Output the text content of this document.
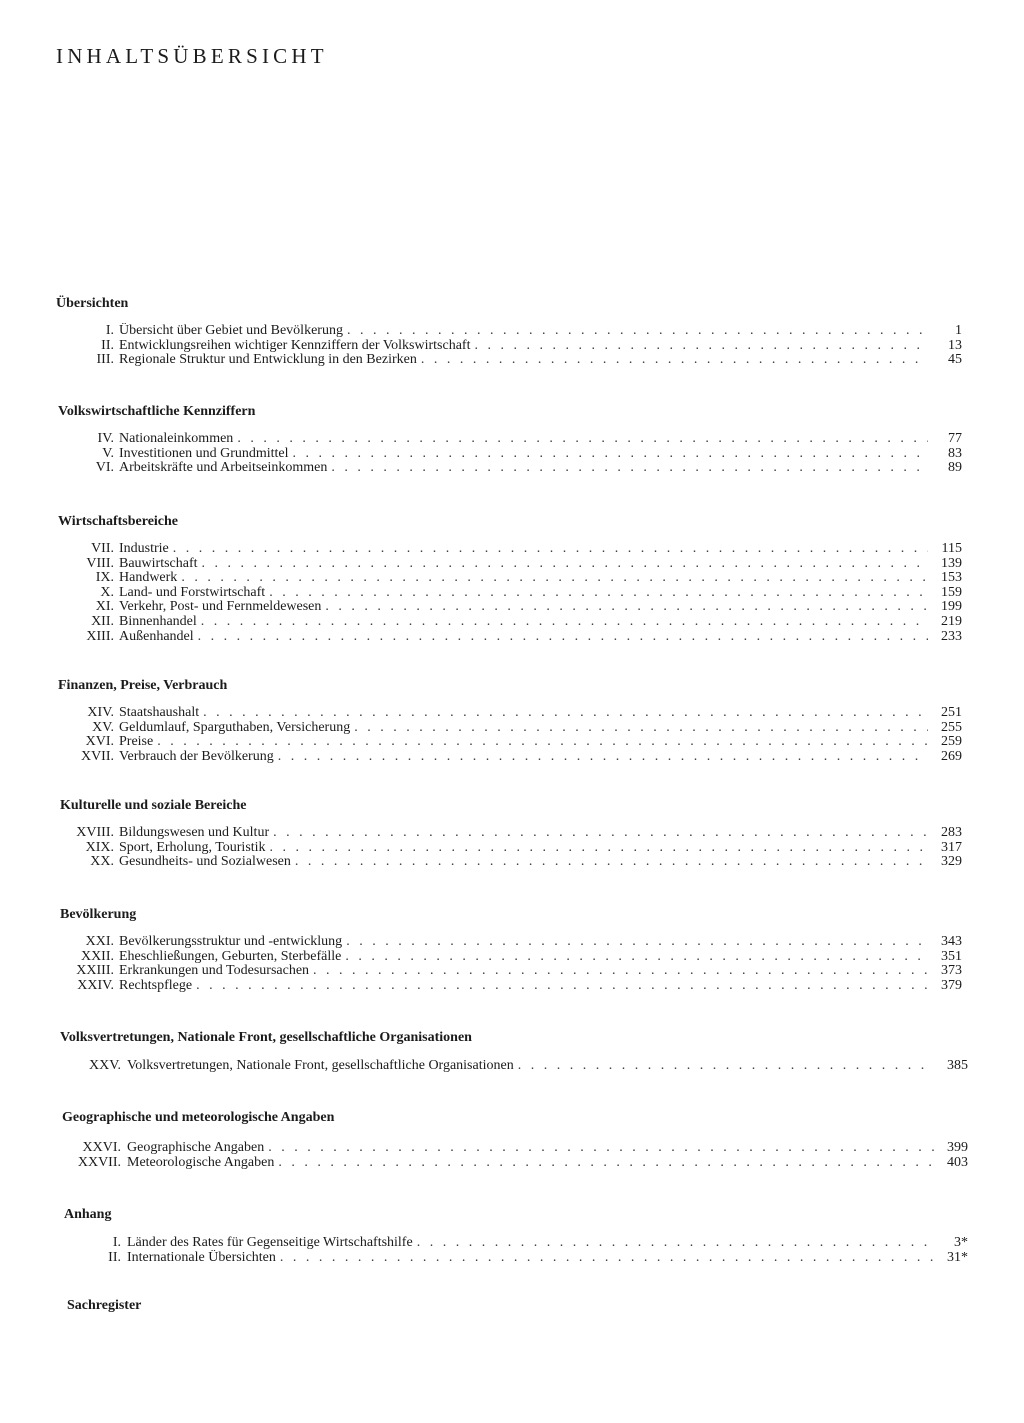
INHALTSÜBERSICHT
Übersichten
I. Übersicht über Gebiet und Bevölkerung . . .	1
II. Entwicklungsreihen wichtiger Kennziffern der Volkswirtschaft . . .	13
III. Regionale Struktur und Entwicklung in den Bezirken . . .	45
Volkswirtschaftliche Kennziffern
IV. Nationaleinkommen . . .	77
V. Investitionen und Grundmittel . . .	83
VI. Arbeitskräfte und Arbeitseinkommen . . .	89
Wirtschaftsbereiche
VII. Industrie . . .	115
VIII. Bauwirtschaft . . .	139
IX. Handwerk . . .	153
X. Land- und Forstwirtschaft . . .	159
XI. Verkehr, Post- und Fernmeldewesen . . .	199
XII. Binnenhandel . . .	219
XIII. Außenhandel . . .	233
Finanzen, Preise, Verbrauch
XIV. Staatshaushalt . . .	251
XV. Geldumlauf, Sparguthaben, Versicherung . . .	255
XVI. Preise . . .	259
XVII. Verbrauch der Bevölkerung . . .	269
Kulturelle und soziale Bereiche
XVIII. Bildungswesen und Kultur . . .	283
XIX. Sport, Erholung, Touristik . . .	317
XX. Gesundheits- und Sozialwesen . . .	329
Bevölkerung
XXI. Bevölkerungsstruktur und -entwicklung . . .	343
XXII. Eheschließungen, Geburten, Sterbefälle . . .	351
XXIII. Erkrankungen und Todesursachen . . .	373
XXIV. Rechtspflege . . .	379
Volksvertretungen, Nationale Front, gesellschaftliche Organisationen
XXV. Volksvertretungen, Nationale Front, gesellschaftliche Organisationen . . .	385
Geographische und meteorologische Angaben
XXVI. Geographische Angaben . . .	399
XXVII. Meteorologische Angaben . . .	403
Anhang
I. Länder des Rates für Gegenseitige Wirtschaftshilfe . . .	3*
II. Internationale Übersichten . . .	31*
Sachregister
